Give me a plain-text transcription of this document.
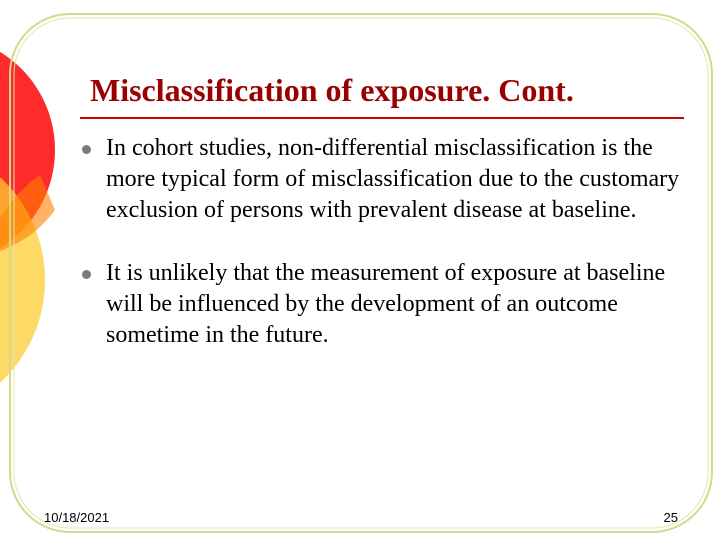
Misclassification of exposure. Cont.
In cohort studies, non-differential misclassification is the more typical form of misclassification due to the customary exclusion of persons with prevalent disease at baseline.
It is unlikely that the measurement of exposure at baseline will be influenced by the development of an outcome sometime in the future.
10/18/2021	25
